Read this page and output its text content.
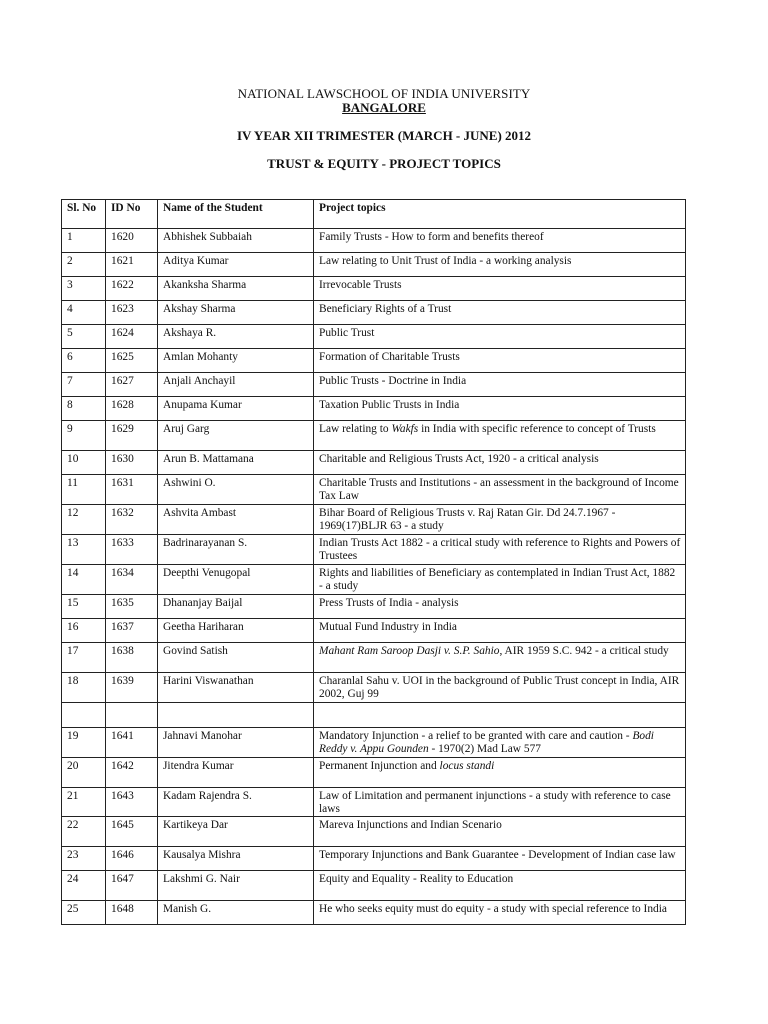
NATIONAL LAWSCHOOL OF INDIA UNIVERSITY
BANGALORE
IV YEAR XII TRIMESTER (MARCH - JUNE) 2012
TRUST & EQUITY - PROJECT TOPICS
Sl. No	ID No	Name of the Student	Project topics
1	1620	Abhishek Subbaiah	Family Trusts - How to form and benefits thereof
2	1621	Aditya Kumar	Law relating to Unit Trust of India - a working analysis
3	1622	Akanksha Sharma	Irrevocable Trusts
4	1623	Akshay Sharma	Beneficiary Rights of a Trust
5	1624	Akshaya R.	Public Trust
6	1625	Amlan Mohanty	Formation of Charitable Trusts
7	1627	Anjali Anchayil	Public Trusts - Doctrine in India
8	1628	Anupama Kumar	Taxation Public Trusts in India
9	1629	Aruj Garg	Law relating to Wakfs in India with specific reference to concept of Trusts
10	1630	Arun B. Mattamana	Charitable and Religious Trusts Act, 1920 - a critical analysis
11	1631	Ashwini O.	Charitable Trusts and Institutions - an assessment in the background of Income Tax Law
12	1632	Ashvita Ambast	Bihar Board of Religious Trusts v. Raj Ratan Gir. Dd 24.7.1967 - 1969(17)BLJR 63 - a study
13	1633	Badrinarayanan S.	Indian Trusts Act 1882 - a critical study with reference to Rights and Powers of Trustees
14	1634	Deepthi Venugopal	Rights and liabilities of Beneficiary as contemplated in Indian Trust Act, 1882 - a study
15	1635	Dhananjay Baijal	Press Trusts of India - analysis
16	1637	Geetha Hariharan	Mutual Fund Industry in India
17	1638	Govind Satish	Mahant Ram Saroop Dasji v. S.P. Sahio, AIR 1959 S.C. 942 - a critical study
18	1639	Harini Viswanathan	Charanlal Sahu v. UOI in the background of Public Trust concept in India, AIR 2002, Guj 99

19	1641	Jahnavi Manohar	Mandatory Injunction - a relief to be granted with care and caution - Bodi Reddy v. Appu Gounden - 1970(2) Mad Law 577
20	1642	Jitendra Kumar	Permanent Injunction and locus standi
21	1643	Kadam Rajendra S.	Law of Limitation and permanent injunctions - a study with reference to case laws
22	1645	Kartikeya Dar	Mareva Injunctions and Indian Scenario
23	1646	Kausalya Mishra	Temporary Injunctions and Bank Guarantee - Development of Indian case law
24	1647	Lakshmi G. Nair	Equity and Equality - Reality to Education
25	1648	Manish G.	He who seeks equity must do equity - a study with special reference to India
